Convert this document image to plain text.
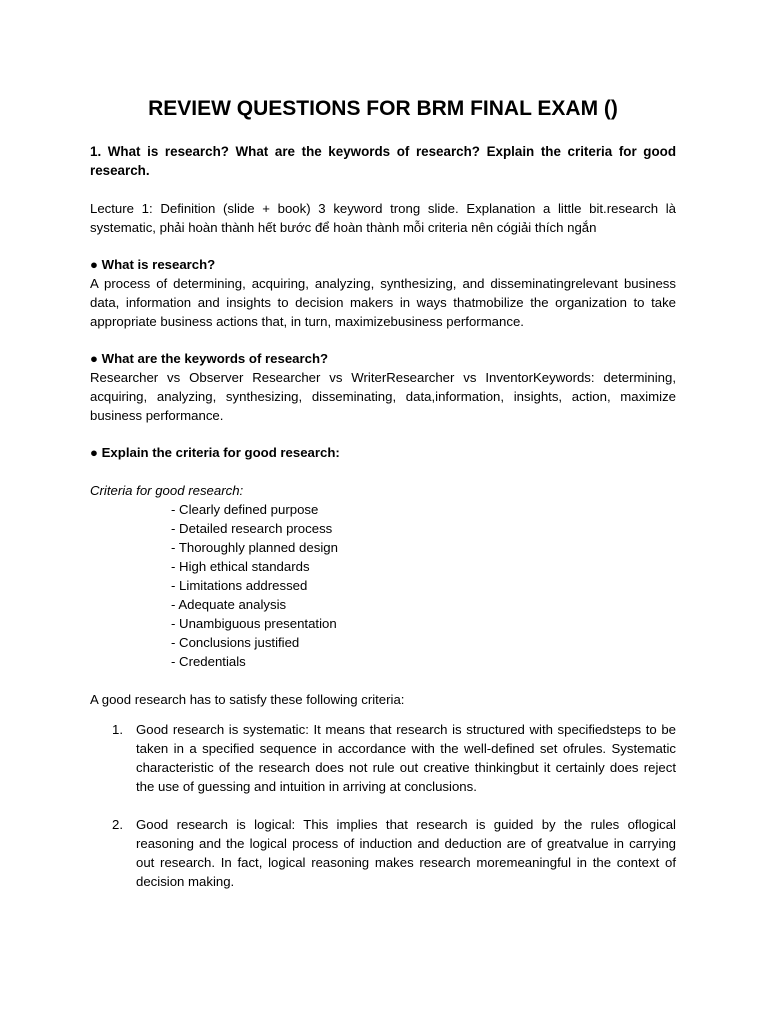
REVIEW QUESTIONS FOR BRM FINAL EXAM ()
1. What is research? What are the keywords of research? Explain the criteria for good research.
Lecture 1: Definition (slide + book) 3 keyword trong slide. Explanation a little bit.research là systematic, phải hoàn thành hết bước để hoàn thành mỗi criteria nên cógiải thích ngắn
● What is research?
A process of determining, acquiring, analyzing, synthesizing, and disseminatingrelevant business data, information and insights to decision makers in ways thatmobilize the organization to take appropriate business actions that, in turn, maximizebusiness performance.
● What are the keywords of research?
Researcher vs Observer Researcher vs WriterResearcher vs InventorKeywords: determining, acquiring, analyzing, synthesizing, disseminating, data,information, insights, action, maximize business performance.
● Explain the criteria for good research:
Criteria for good research:
- Clearly defined purpose
- Detailed research process
- Thoroughly planned design
- High ethical standards
- Limitations addressed
- Adequate analysis
- Unambiguous presentation
- Conclusions justified
- Credentials
A good research has to satisfy these following criteria:
1. Good research is systematic: It means that research is structured with specifiedsteps to be taken in a specified sequence in accordance with the well-defined set ofrules. Systematic characteristic of the research does not rule out creative thinkingbut it certainly does reject the use of guessing and intuition in arriving at conclusions.
2. Good research is logical: This implies that research is guided by the rules oflogical reasoning and the logical process of induction and deduction are of greatvalue in carrying out research. In fact, logical reasoning makes research moremeaningful in the context of decision making.
